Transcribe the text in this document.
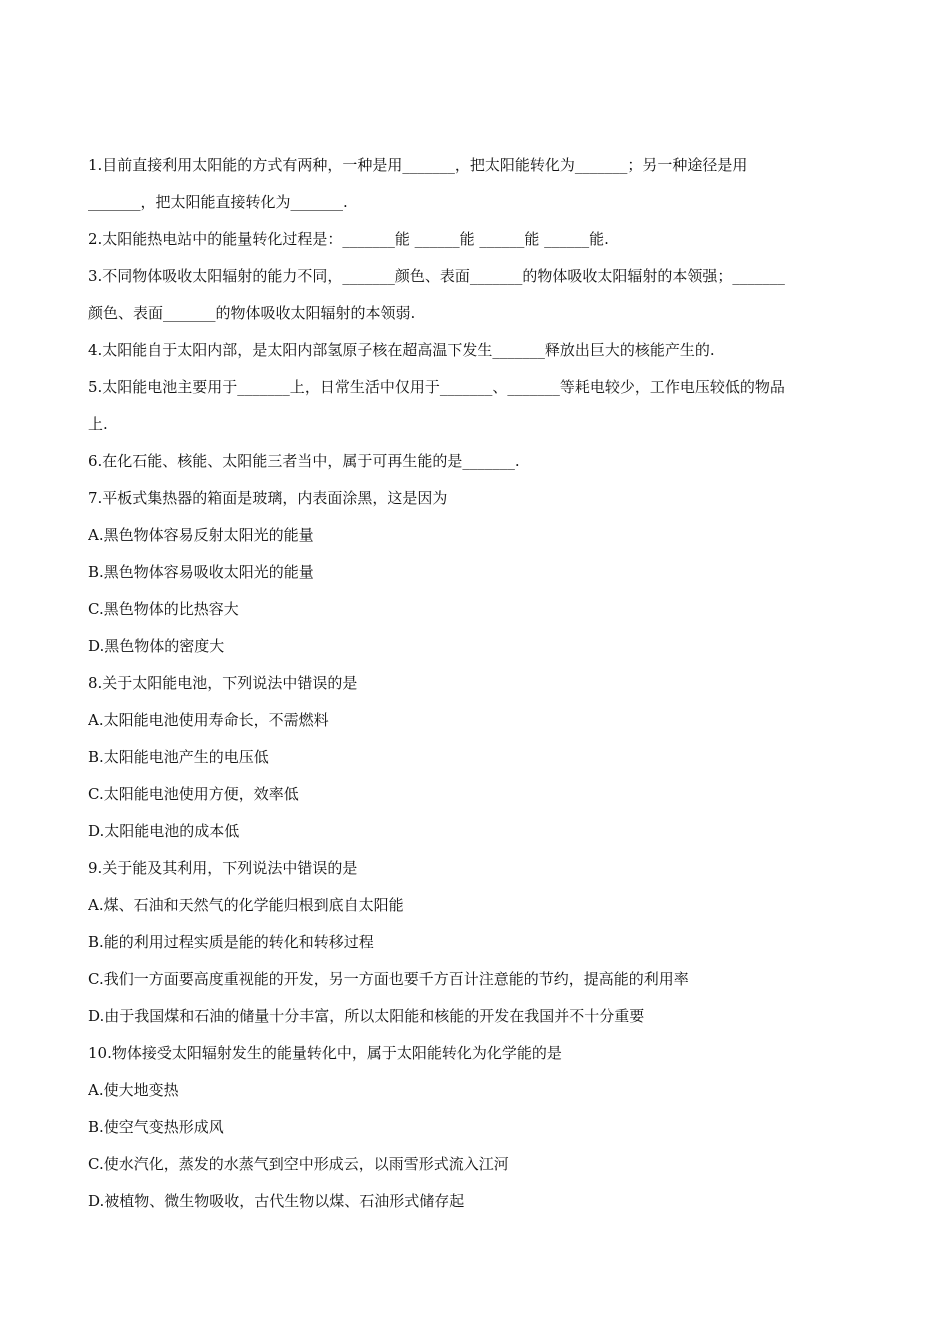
1.目前直接利用太阳能的方式有两种，一种是用_______，把太阳能转化为_______；另一种途径是用
_______，把太阳能直接转化为_______.
2.太阳能热电站中的能量转化过程是：_______能 ______能 ______能 ______能.
3.不同物体吸收太阳辐射的能力不同，_______颜色、表面_______的物体吸收太阳辐射的本领强；_______
颜色、表面_______的物体吸收太阳辐射的本领弱.
4.太阳能自于太阳内部，是太阳内部氢原子核在超高温下发生_______释放出巨大的核能产生的.
5.太阳能电池主要用于_______上，日常生活中仅用于_______、_______等耗电较少，工作电压较低的物品
上.
6.在化石能、核能、太阳能三者当中，属于可再生能的是_______.
7.平板式集热器的箱面是玻璃，内表面涂黑，这是因为
A.黑色物体容易反射太阳光的能量
B.黑色物体容易吸收太阳光的能量
C.黑色物体的比热容大
D.黑色物体的密度大
8.关于太阳能电池，下列说法中错误的是
A.太阳能电池使用寿命长，不需燃料
B.太阳能电池产生的电压低
C.太阳能电池使用方便，效率低
D.太阳能电池的成本低
9.关于能及其利用，下列说法中错误的是
A.煤、石油和天然气的化学能归根到底自太阳能
B.能的利用过程实质是能的转化和转移过程
C.我们一方面要高度重视能的开发，另一方面也要千方百计注意能的节约，提高能的利用率
D.由于我国煤和石油的储量十分丰富，所以太阳能和核能的开发在我国并不十分重要
10.物体接受太阳辐射发生的能量转化中，属于太阳能转化为化学能的是
A.使大地变热
B.使空气变热形成风
C.使水汽化，蒸发的水蒸气到空中形成云，以雨雪形式流入江河
D.被植物、微生物吸收，古代生物以煤、石油形式储存起
